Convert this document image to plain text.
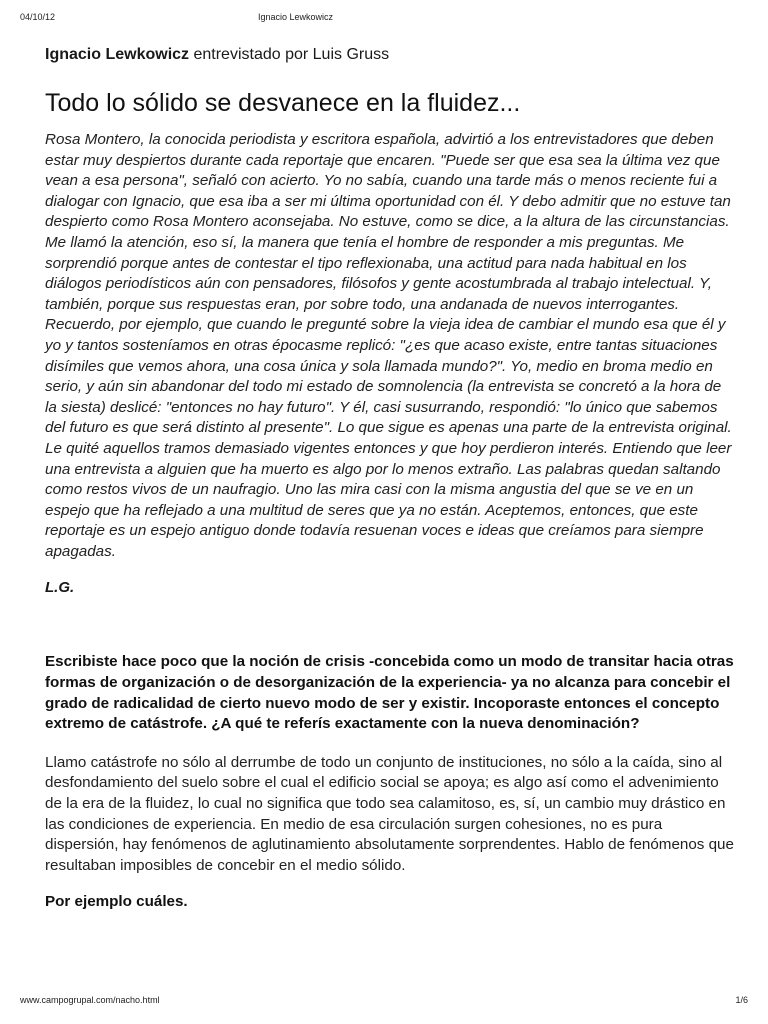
04/10/12	Ignacio Lewkowicz

Ignacio Lewkowicz entrevistado por Luis Gruss

Todo lo sólido se desvanece en la fluidez...

Rosa Montero, la conocida periodista y escritora española, advirtió a los entrevistadores que deben estar muy despiertos durante cada reportaje que encaren. "Puede ser que esa sea la última vez que vean a esa persona", señaló con acierto. Yo no sabía, cuando una tarde más o menos reciente fui a dialogar con Ignacio, que esa iba a ser mi última oportunidad con él. Y debo admitir que no estuve tan despierto como Rosa Montero aconsejaba. No estuve, como se dice, a la altura de las circunstancias. Me llamó la atención, eso sí, la manera que tenía el hombre de responder a mis preguntas. Me sorprendió porque antes de contestar el tipo reflexionaba, una actitud para nada habitual en los diálogos periodísticos aún con pensadores, filósofos y gente acostumbrada al trabajo intelectual. Y, también, porque sus respuestas eran, por sobre todo, una andanada de nuevos interrogantes. Recuerdo, por ejemplo, que cuando le pregunté sobre la vieja idea de cambiar el mundo esa que él y yo y tantos sosteníamos en otras épocasme replicó: "¿es que acaso existe, entre tantas situaciones disímiles que vemos ahora, una cosa única y sola llamada mundo?". Yo, medio en broma medio en serio, y aún sin abandonar del todo mi estado de somnolencia (la entrevista se concretó a la hora de la siesta) deslicé: "entonces no hay futuro". Y él, casi susurrando, respondió: "lo único que sabemos del futuro es que será distinto al presente". Lo que sigue es apenas una parte de la entrevista original. Le quité aquellos tramos demasiado vigentes entonces y que hoy perdieron interés. Entiendo que leer una entrevista a alguien que ha muerto es algo por lo menos extraño. Las palabras quedan saltando como restos vivos de un naufragio. Uno las mira casi con la misma angustia del que se ve en un espejo que ha reflejado a una multitud de seres que ya no están. Aceptemos, entonces, que este reportaje es un espejo antiguo donde todavía resuenan voces e ideas que creíamos para siempre apagadas.

L.G.

Escribiste hace poco que la noción de crisis -concebida como un modo de transitar hacia otras formas de organización o de desorganización de la experiencia- ya no alcanza para concebir el grado de radicalidad de cierto nuevo modo de ser y existir. Incoporaste entonces el concepto extremo de catástrofe. ¿A qué te referís exactamente con la nueva denominación?

Llamo catástrofe no sólo al derrumbe de todo un conjunto de instituciones, no sólo a la caída, sino al desfondamiento del suelo sobre el cual el edificio social se apoya; es algo así como el advenimiento de la era de la fluidez, lo cual no significa que todo sea calamitoso, es, sí, un cambio muy drástico en las condiciones de experiencia. En medio de esa circulación surgen cohesiones, no es pura dispersión, hay fenómenos de aglutinamiento absolutamente sorprendentes. Hablo de fenómenos que resultaban imposibles de concebir en el medio sólido.

Por ejemplo cuáles.

www.campogrupal.com/nacho.html	1/6
